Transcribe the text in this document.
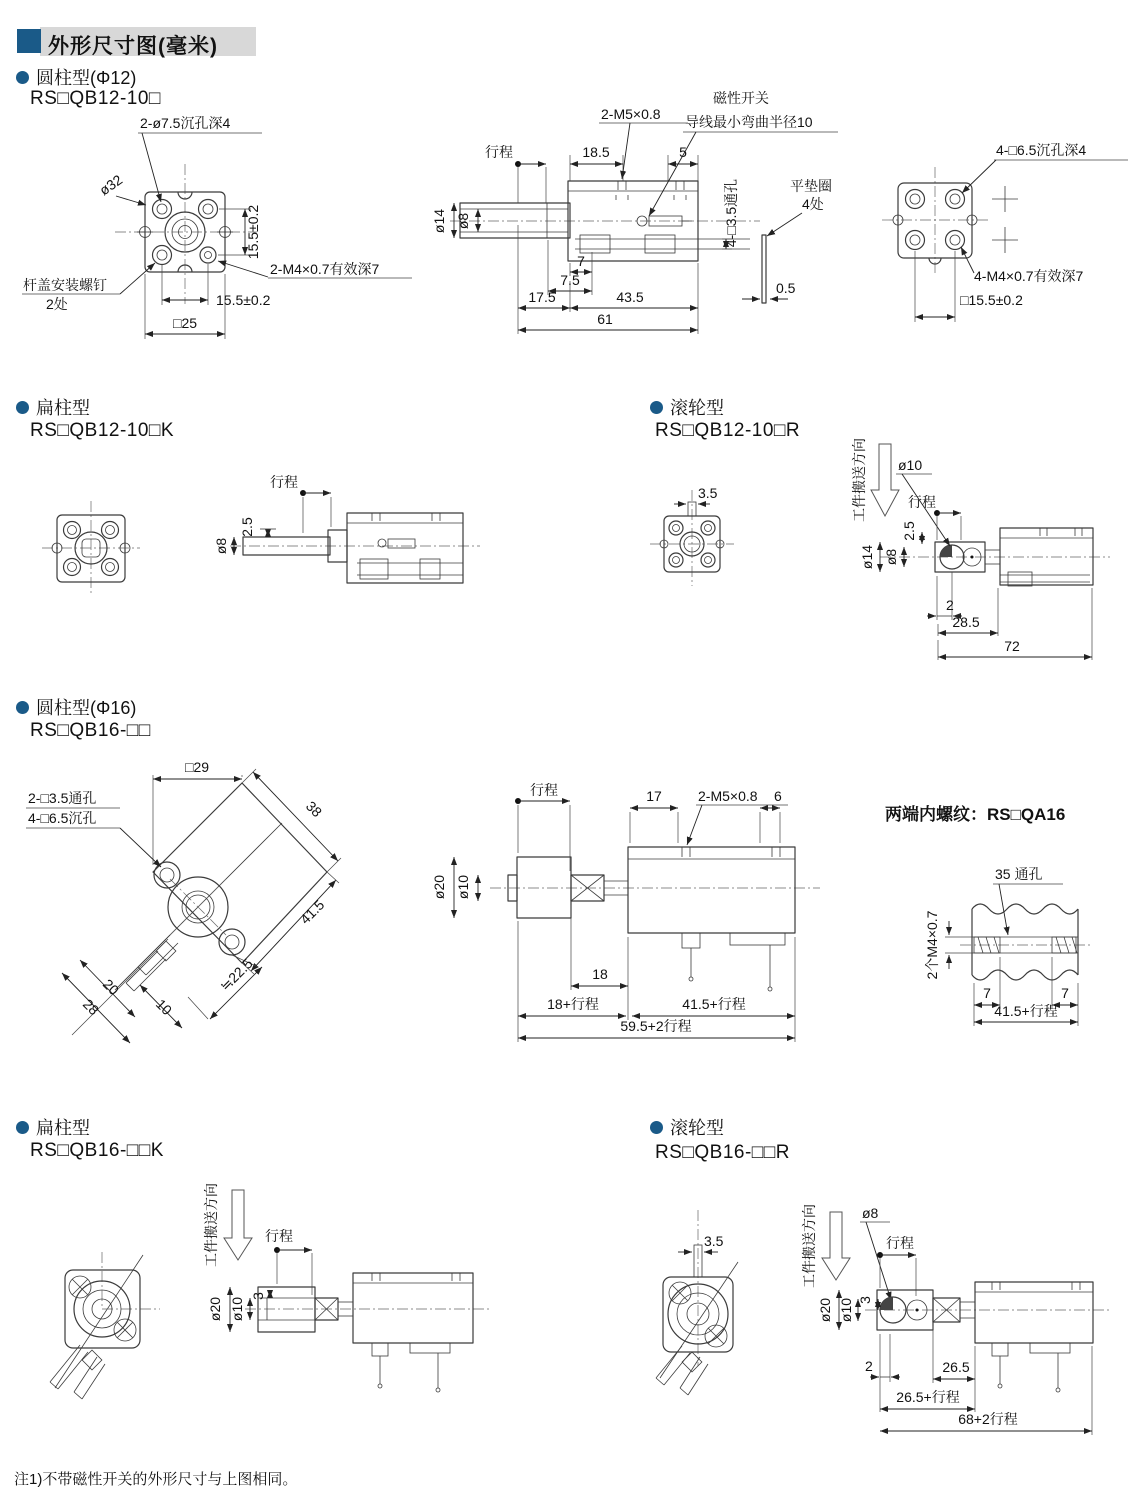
外形尺寸图(毫米)
圆柱型(Φ12)
RS□QB12-10□
2-ø7.5沉孔深4
ø32
15.5±0.2
2-M4×0.7有效深7
杆盖安装螺钉
2处	15.5±0.2
□25
行程	18.5	5
2-M5×0.8
磁性开关
导线最小弯曲半径10
ø14 ø8	4-□3.5通孔	平垫圈
4处
0.5
7
7.5
17.5	43.5
61
4-□6.5沉孔深4
4-M4×0.7有效深7
□15.5±0.2
扁柱型
RS□QB12-10□K
ø8
2.5
行程
滚轮型
RS□QB12-10□R
3.5	工件搬送方向 ø10
行程
ø14 ø8
2.5
2
28.5
72
圆柱型(Φ16)
RS□QB16-□□
□29
2-□3.5通孔
4-□6.5沉孔	38
41.5
≒22.5
20
28	10
行程	17	2-M5×0.8 6
ø20 ø10
18
18+行程	41.5+行程
59.5+2行程
两端内螺纹：RS□QA16
35 通孔
2个M4×0.7
7	7
41.5+行程
扁柱型
RS□QB16-□□K
工件搬送方向	行程
ø20 ø10
3
滚轮型
RS□QB16-□□R
3.5	工件搬送方向	ø8
行程
ø20 ø10 3
2	26.5
26.5+行程
68+2行程
注1)不带磁性开关的外形尺寸与上图相同。
